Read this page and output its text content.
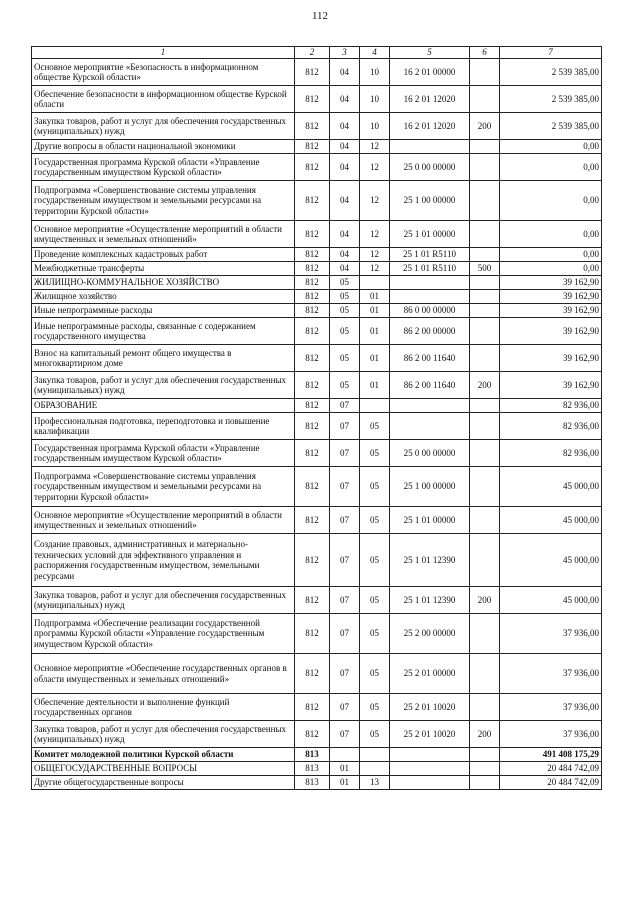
112
1	2	3	4	5	6	7
Основное мероприятие «Безопасность в информационном обществе Курской области»	812	04	10	16 2 01 00000		2 539 385,00
Обеспечение безопасности в информационном обществе Курской области	812	04	10	16 2 01 12020		2 539 385,00
Закупка товаров, работ и услуг для обеспечения государственных (муниципальных) нужд	812	04	10	16 2 01 12020	200	2 539 385,00
Другие вопросы в области национальной экономики	812	04	12			0,00
Государственная программа Курской области «Управление государственным имуществом Курской области»	812	04	12	25 0 00 00000		0,00
Подпрограмма «Совершенствование системы управления государственным имуществом и земельными ресурсами на территории Курской области»	812	04	12	25 1 00 00000		0,00
Основное мероприятие «Осуществление мероприятий в области имущественных и земельных отношений»	812	04	12	25 1 01 00000		0,00
Проведение комплексных кадастровых работ	812	04	12	25 1 01 R5110		0,00
Межбюджетные трансферты	812	04	12	25 1 01 R5110	500	0,00
ЖИЛИЩНО-КОММУНАЛЬНОЕ ХОЗЯЙСТВО	812	05				39 162,90
Жилищное хозяйство	812	05	01			39 162,90
Иные непрограммные расходы	812	05	01	86 0 00 00000		39 162,90
Иные непрограммные расходы, связанные с содержанием государственного имущества	812	05	01	86 2 00 00000		39 162,90
Взнос на капитальный ремонт общего имущества в многоквартирном доме	812	05	01	86 2 00 11640		39 162,90
Закупка товаров, работ и услуг для обеспечения государственных (муниципальных) нужд	812	05	01	86 2 00 11640	200	39 162,90
ОБРАЗОВАНИЕ	812	07				82 936,00
Профессиональная подготовка, переподготовка и повышение квалификации	812	07	05			82 936,00
Государственная программа Курской области «Управление государственным имуществом Курской области»	812	07	05	25 0 00 00000		82 936,00
Подпрограмма «Совершенствование системы управления государственным имуществом и земельными ресурсами на территории Курской области»	812	07	05	25 1 00 00000		45 000,00
Основное мероприятие «Осуществление мероприятий в области имущественных и земельных отношений»	812	07	05	25 1 01 00000		45 000,00
Создание правовых, административных и материально-технических условий для эффективного управления и распоряжения государственным имуществом, земельными ресурсами	812	07	05	25 1 01 12390		45 000,00
Закупка товаров, работ и услуг для обеспечения государственных (муниципальных) нужд	812	07	05	25 1 01 12390	200	45 000,00
Подпрограмма «Обеспечение реализации государственной программы Курской области «Управление государственным имуществом Курской области»	812	07	05	25 2 00 00000		37 936,00
Основное мероприятие «Обеспечение государственных органов в области имущественных и земельных отношений»	812	07	05	25 2 01 00000		37 936,00
Обеспечение деятельности и выполнение функций государственных органов	812	07	05	25 2 01 10020		37 936,00
Закупка товаров, работ и услуг для обеспечения государственных (муниципальных) нужд	812	07	05	25 2 01 10020	200	37 936,00
Комитет молодежной политики Курской области	813					491 408 175,29
ОБЩЕГОСУДАРСТВЕННЫЕ ВОПРОСЫ	813	01				20 484 742,09
Другие общегосударственные вопросы	813	01	13			20 484 742,09
